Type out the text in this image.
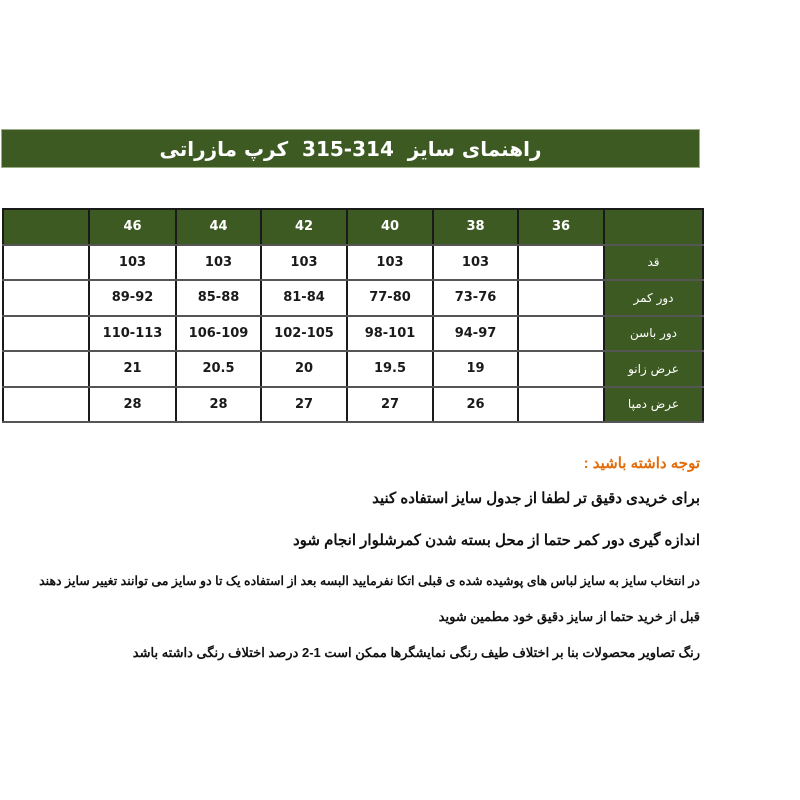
راهنمای سایز  314-315  کرپ مازراتی
	46	44	42	40	38	36	
	103	103	103	103	103		قد
	89-92	85-88	81-84	77-80	73-76		دور کمر
	110-113	106-109	102-105	98-101	94-97		دور باسن
	21	20.5	20	19.5	19		عرض زانو
	28	28	27	27	26		عرض دمپا
توجه داشته باشید :
برای خریدی دقیق تر لطفا از جدول سایز استفاده کنید
اندازه گیری دور کمر حتما از محل بسته شدن کمرشلوار انجام شود
در انتخاب سایز به سایز لباس های پوشیده شده ی قبلی اتکا نفرمایید البسه بعد از استفاده یک تا دو سایز می توانند تغییر سایز دهند
قبل از خرید حتما از سایز دقیق خود مطمین شوید
رنگ تصاویر محصولات بنا بر اختلاف طیف رنگی نمایشگرها ممکن است 1-2 درصد اختلاف رنگی داشته باشد
